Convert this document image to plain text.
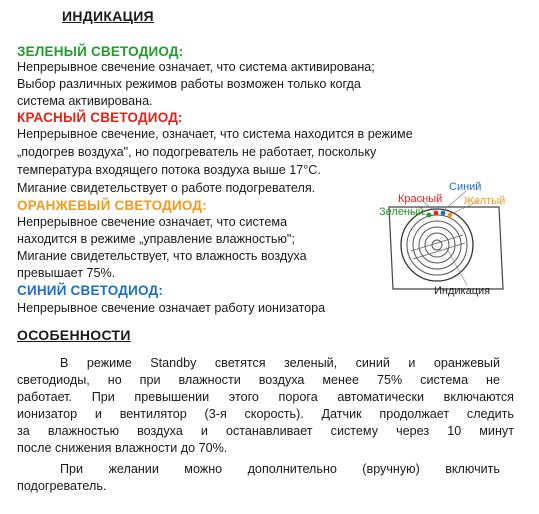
ИНДИКАЦИЯ
ЗЕЛЕНЫЙ СВЕТОДИОД:
Непрерывное свечение означает, что система активирована;
Выбор различных режимов работы возможен только когда
система активирована.
КРАСНЫЙ СВЕТОДИОД:
Непрерывное свечение, означает, что система находится в режиме
„подогрев воздуха", но подогреватель не работает, поскольку
температура входящего потока воздуха выше 17°С.
Мигание свидетельствует о работе подогревателя.
ОРАНЖЕВЫЙ СВЕТОДИОД:
Непрерывное свечение означает, что система
находится в режиме „управление влажностью";
Мигание свидетельствует, что влажность воздуха
превышает 75%.
СИНИЙ СВЕТОДИОД:
Непрерывное свечение означает работу ионизатора
Синий
Красный Желтый
Зеленый
Индикация
ОСОБЕННОСТИ
В режиме Standby светятся зеленый, синий и оранжевый
светодиоды, но при влажности воздуха менее 75% система не
работает. При превышении этого порога автоматически включаются
ионизатор и вентилятор (3-я скорость). Датчик продолжает следить
за влажностью воздуха и останавливает систему через 10 минут
после снижения влажности до 70%.
При желании можно дополнительно (вручную) включить
подогреватель.
